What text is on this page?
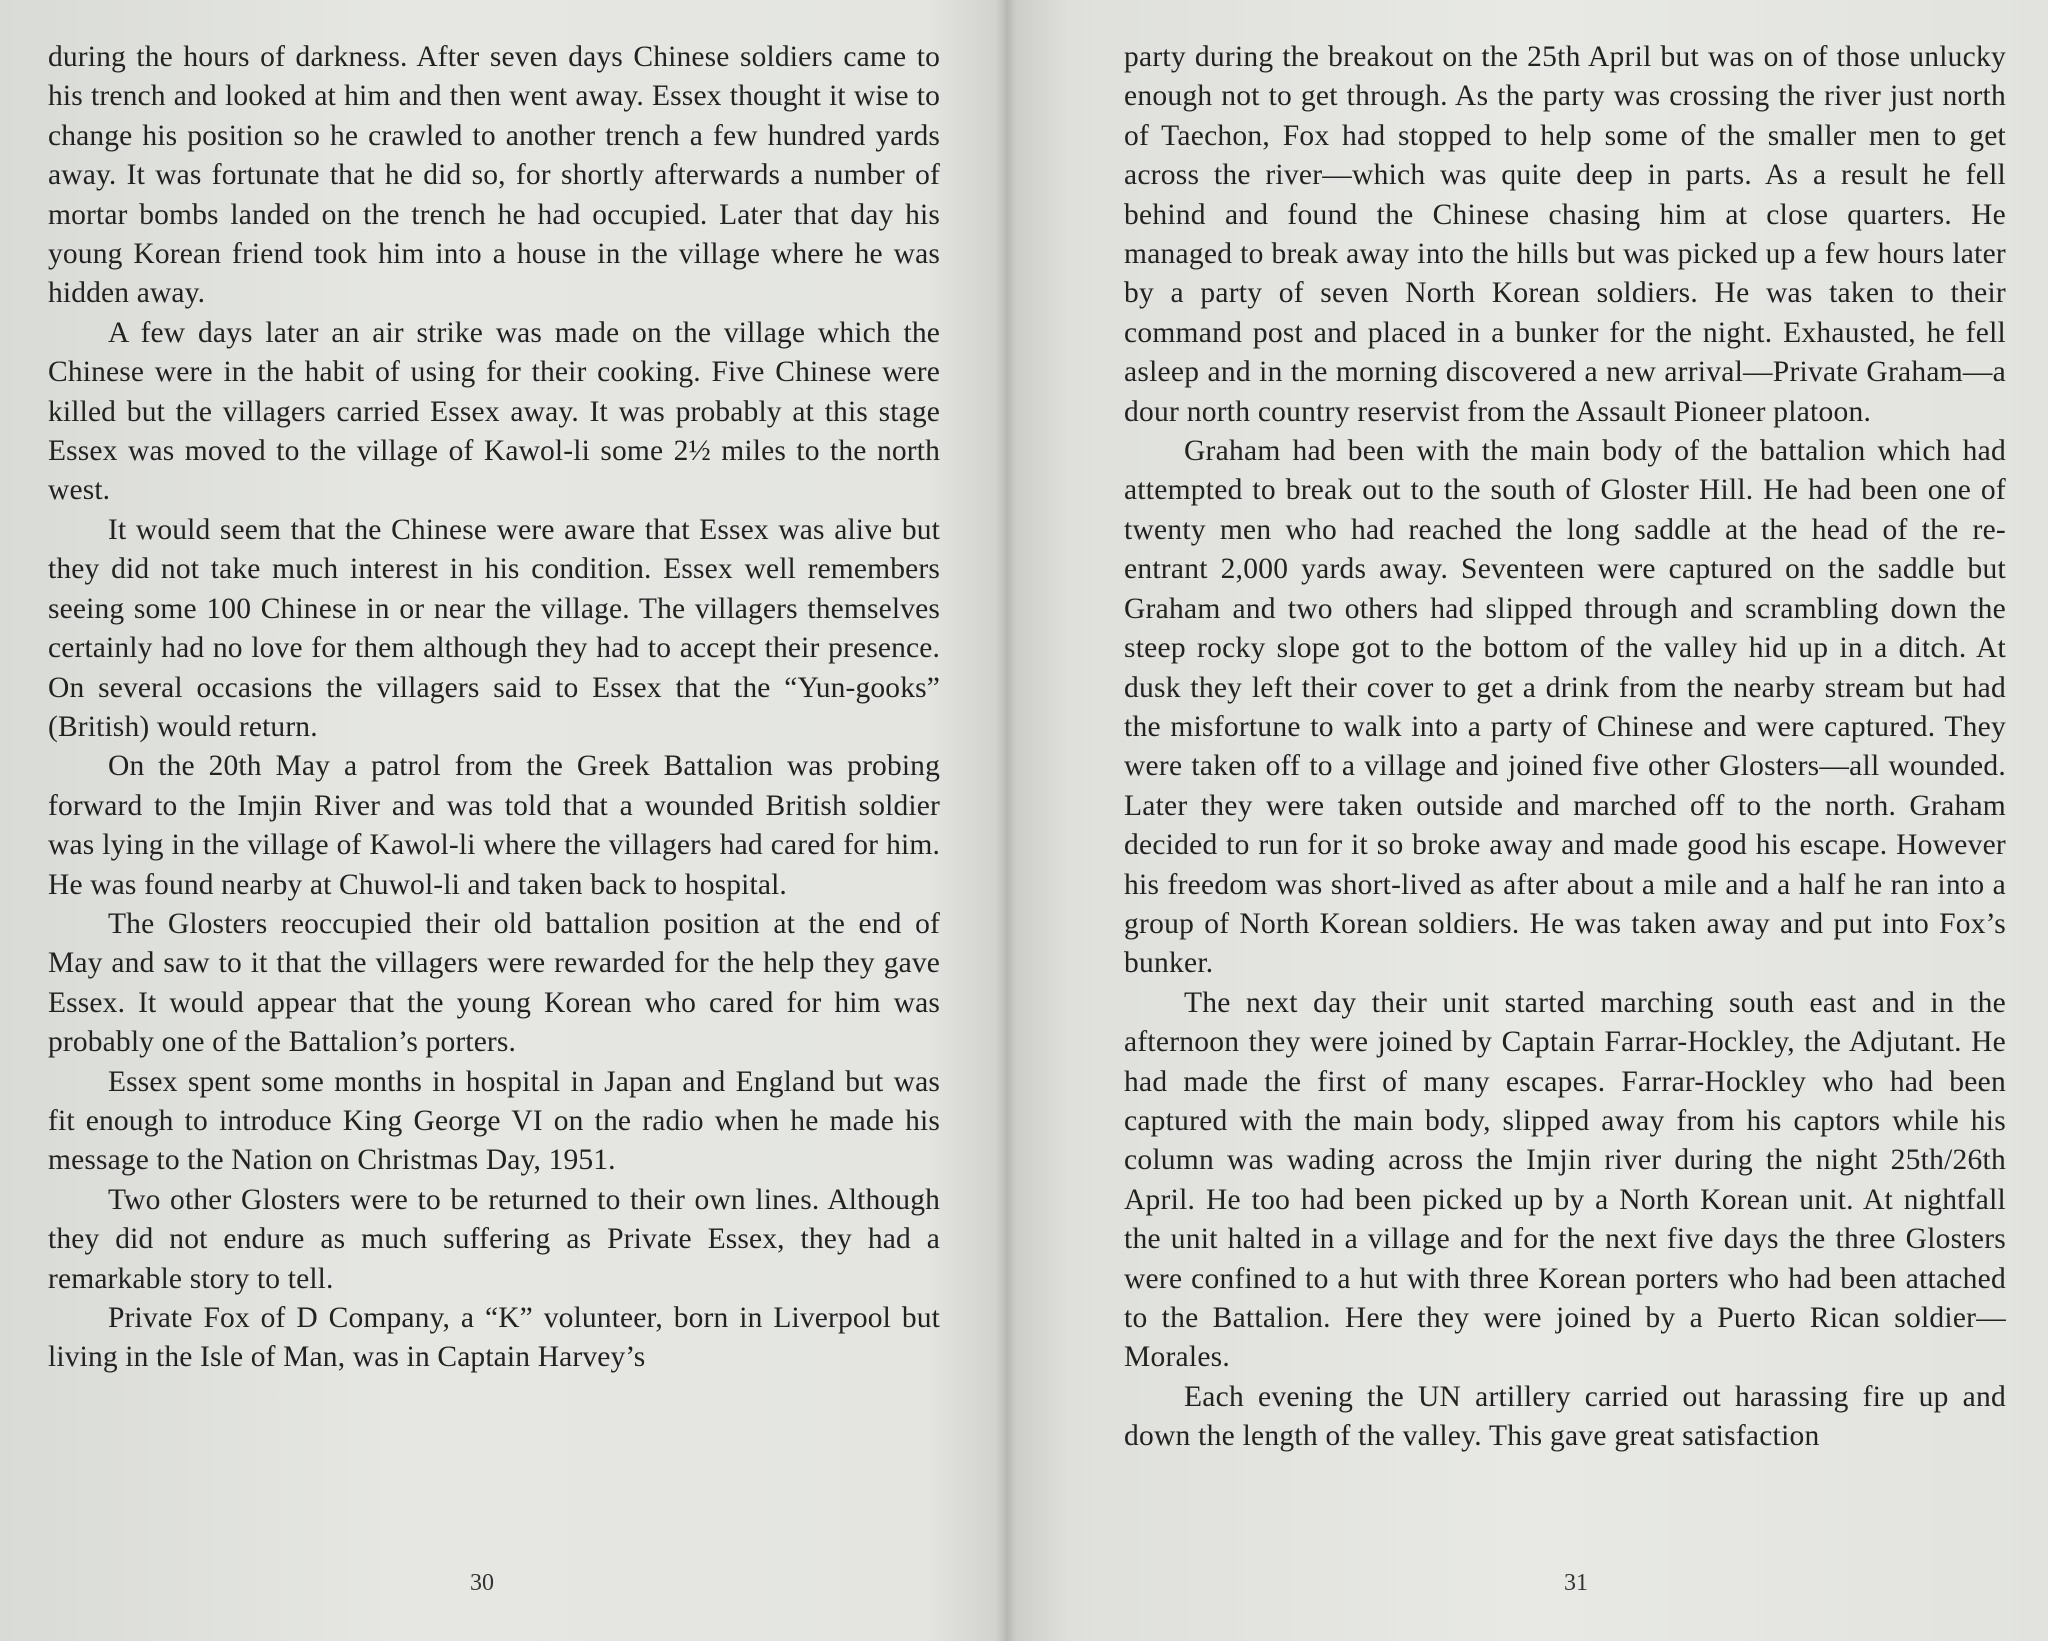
during the hours of darkness. After seven days Chinese soldiers came to his trench and looked at him and then went away. Essex thought it wise to change his position so he crawled to another trench a few hundred yards away. It was fortunate that he did so, for shortly afterwards a number of mortar bombs landed on the trench he had occupied. Later that day his young Korean friend took him into a house in the village where he was hidden away.

A few days later an air strike was made on the village which the Chinese were in the habit of using for their cooking. Five Chinese were killed but the villagers carried Essex away. It was probably at this stage Essex was moved to the village of Kawol-li some 2½ miles to the north west.

It would seem that the Chinese were aware that Essex was alive but they did not take much interest in his condition. Essex well remembers seeing some 100 Chinese in or near the village. The villagers themselves certainly had no love for them although they had to accept their presence. On several occasions the villagers said to Essex that the “Yun-gooks” (British) would return.

On the 20th May a patrol from the Greek Battalion was probing forward to the Imjin River and was told that a wounded British soldier was lying in the village of Kawol-li where the villagers had cared for him. He was found nearby at Chuwol-li and taken back to hospital.

The Glosters reoccupied their old battalion position at the end of May and saw to it that the villagers were rewarded for the help they gave Essex. It would appear that the young Korean who cared for him was probably one of the Battalion’s porters.

Essex spent some months in hospital in Japan and England but was fit enough to introduce King George VI on the radio when he made his message to the Nation on Christmas Day, 1951.

Two other Glosters were to be returned to their own lines. Although they did not endure as much suffering as Private Essex, they had a remarkable story to tell.

Private Fox of D Company, a “K” volunteer, born in Liverpool but living in the Isle of Man, was in Captain Harvey’s

30

party during the breakout on the 25th April but was on of those unlucky enough not to get through. As the party was crossing the river just north of Taechon, Fox had stopped to help some of the smaller men to get across the river—which was quite deep in parts. As a result he fell behind and found the Chinese chasing him at close quarters. He managed to break away into the hills but was picked up a few hours later by a party of seven North Korean soldiers. He was taken to their command post and placed in a bunker for the night. Exhausted, he fell asleep and in the morning discovered a new arrival—Private Graham—a dour north country reservist from the Assault Pioneer platoon.

Graham had been with the main body of the battalion which had attempted to break out to the south of Gloster Hill. He had been one of twenty men who had reached the long saddle at the head of the re-entrant 2,000 yards away. Seventeen were captured on the saddle but Graham and two others had slipped through and scrambling down the steep rocky slope got to the bottom of the valley hid up in a ditch. At dusk they left their cover to get a drink from the nearby stream but had the misfortune to walk into a party of Chinese and were captured. They were taken off to a village and joined five other Glosters—all wounded. Later they were taken outside and marched off to the north. Graham decided to run for it so broke away and made good his escape. However his freedom was short-lived as after about a mile and a half he ran into a group of North Korean soldiers. He was taken away and put into Fox’s bunker.

The next day their unit started marching south east and in the afternoon they were joined by Captain Farrar-Hockley, the Adjutant. He had made the first of many escapes. Farrar-Hockley who had been captured with the main body, slipped away from his captors while his column was wading across the Imjin river during the night 25th/26th April. He too had been picked up by a North Korean unit. At nightfall the unit halted in a village and for the next five days the three Glosters were confined to a hut with three Korean porters who had been attached to the Battalion. Here they were joined by a Puerto Rican soldier—Morales.

Each evening the UN artillery carried out harassing fire up and down the length of the valley. This gave great satisfaction

31
